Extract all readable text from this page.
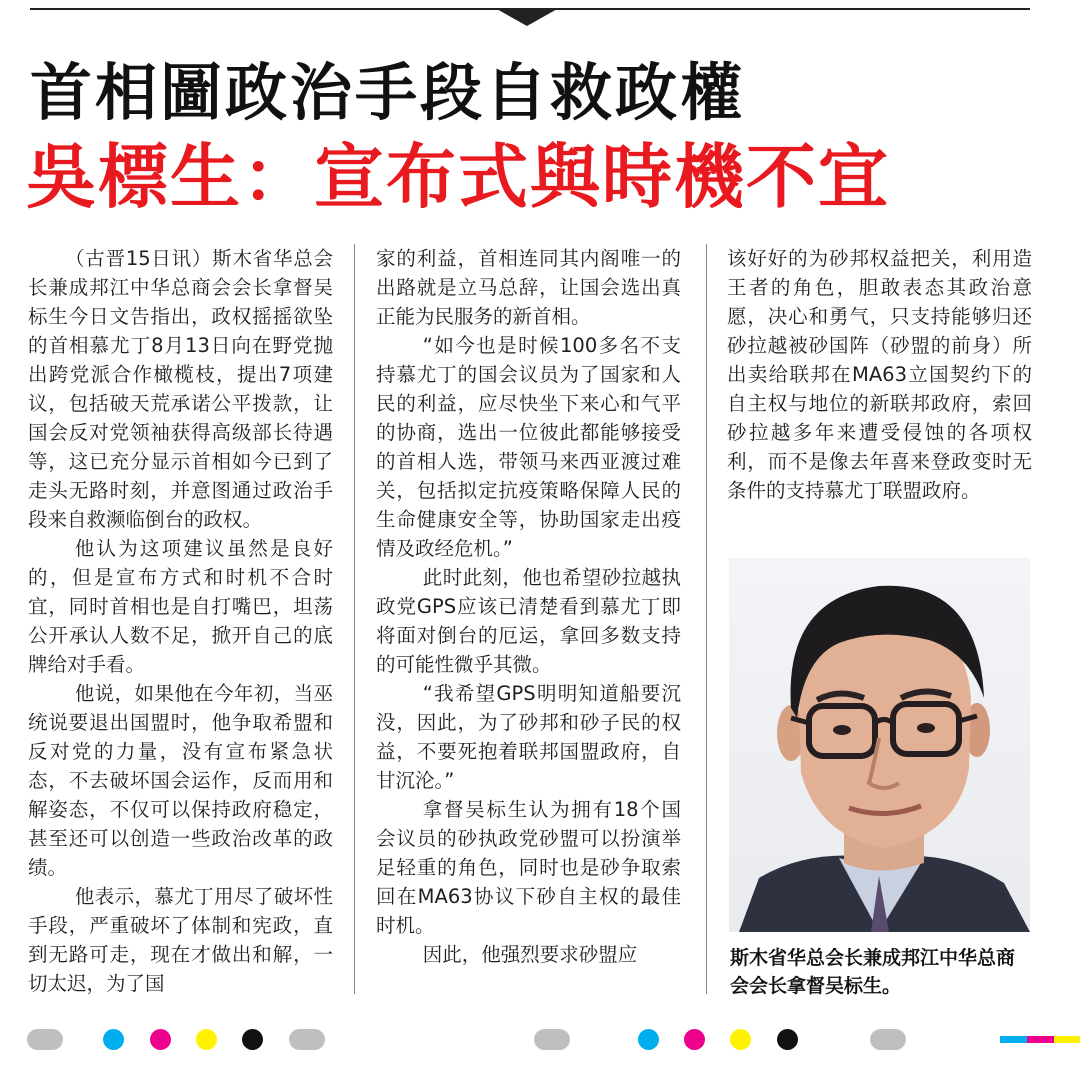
首相圖政治手段自救政權
吳標生：宣布式與時機不宜

（古晋15日讯）斯木省华总会长兼成邦江中华总商会会长拿督吴标生今日文告指出，政权摇摇欲坠的首相慕尤丁8月13日向在野党抛出跨党派合作橄榄枝，提出7项建议，包括破天荒承诺公平拨款，让国会反对党领袖获得高级部长待遇等，这已充分显示首相如今已到了走头无路时刻，并意图通过政治手段来自救濒临倒台的政权。

他认为这项建议虽然是良好的，但是宣布方式和时机不合时宜，同时首相也是自打嘴巴，坦荡公开承认人数不足，掀开自己的底牌给对手看。

他说，如果他在今年初，当巫统说要退出国盟时，他争取希盟和反对党的力量，没有宣布紧急状态，不去破坏国会运作，反而用和解姿态，不仅可以保持政府稳定，甚至还可以创造一些政治改革的政绩。

他表示，慕尤丁用尽了破坏性手段，严重破坏了体制和宪政，直到无路可走，现在才做出和解，一切太迟，为了国

家的利益，首相连同其内阁唯一的出路就是立马总辞，让国会选出真正能为民服务的新首相。

“如今也是时候100多名不支持慕尤丁的国会议员为了国家和人民的利益，应尽快坐下来心和气平的协商，选出一位彼此都能够接受的首相人选，带领马来西亚渡过难关，包括拟定抗疫策略保障人民的生命健康安全等，协助国家走出疫情及政经危机。”

此时此刻，他也希望砂拉越执政党GPS应该已清楚看到慕尤丁即将面对倒台的厄运，拿回多数支持的可能性微乎其微。

“我希望GPS明明知道船要沉没，因此，为了砂邦和砂子民的权益，不要死抱着联邦国盟政府，自甘沉沦。”

拿督吴标生认为拥有18个国会议员的砂执政党砂盟可以扮演举足轻重的角色，同时也是砂争取索回在MA63协议下砂自主权的最佳时机。

因此，他强烈要求砂盟应

该好好的为砂邦权益把关，利用造王者的角色，胆敢表态其政治意愿，决心和勇气，只支持能够归还砂拉越被砂国阵（砂盟的前身）所出卖给联邦在MA63立国契约下的自主权与地位的新联邦政府，索回砂拉越多年来遭受侵蚀的各项权利，而不是像去年喜来登政变时无条件的支持慕尤丁联盟政府。

斯木省华总会长兼成邦江中华总商会会长拿督吴标生。
